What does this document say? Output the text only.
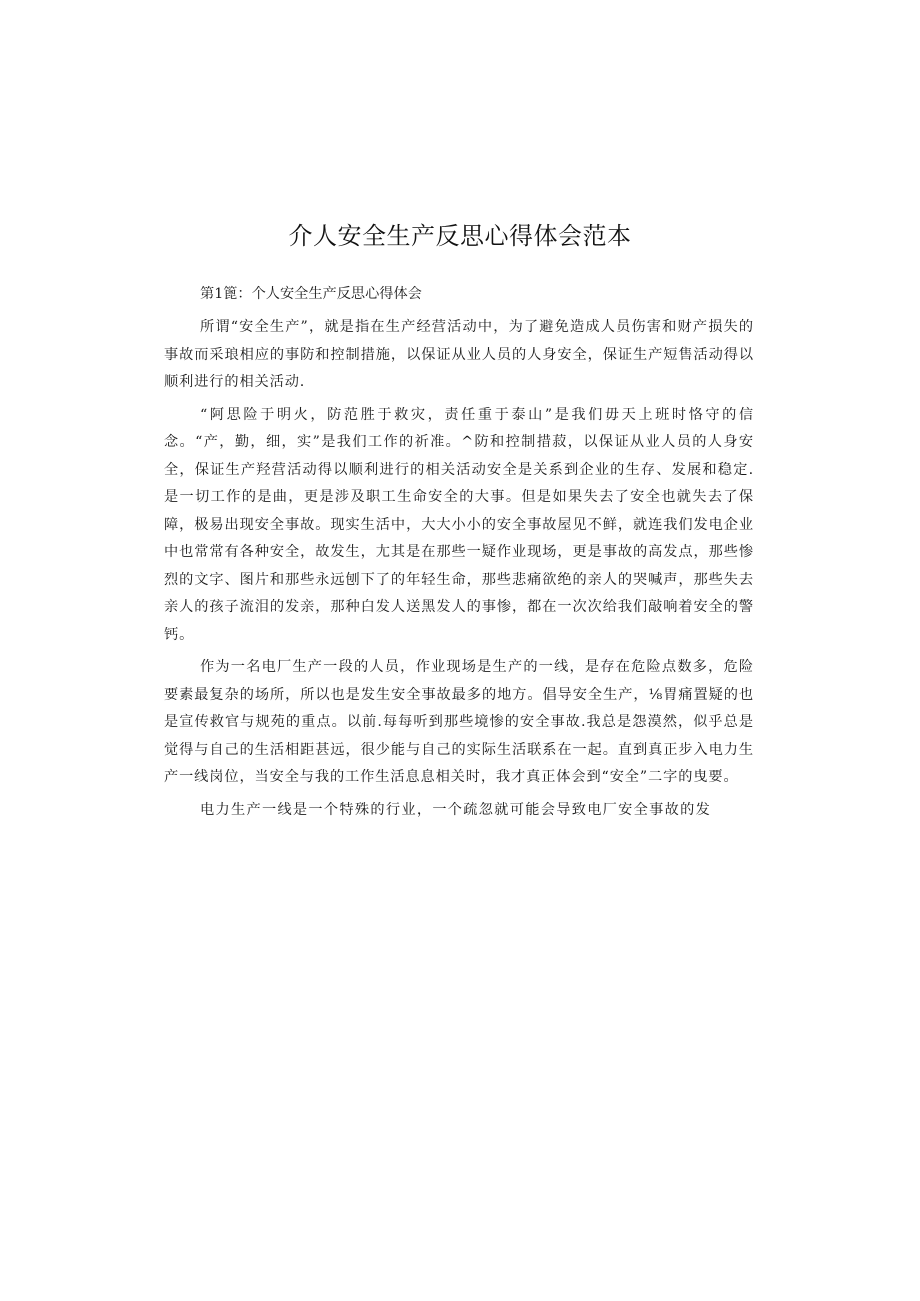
介人安全生产反思心得体会范本
第1篦：个人安全生产反思心得体会

所谓“安全生产”，就是指在生产经营活动中，为了避免造成人员伤害和财产损失的事故而采琅相应的事防和控制措施，以保证从业人员的人身安全，保证生产短售活动得以顺利进行的相关活动.

“阿思险于明火，防范胜于救灾，责任重于泰山”是我们毋天上班时恪守的信念。“产，勤，细，实”是我们工作的祈准。^防和控制措菽，以保证从业人员的人身安全，保证生产羟营活动得以顺利进行的相关活动安全是关系到企业的生存、发展和稳定.是一切工作的是曲，更是涉及职工生命安全的大事。但是如果失去了安全也就失去了保障，极易出现安全事故。现实生活中，大大小小的安全事故屋见不鲜，就连我们发电企业中也常常有各种安全，故发生，尢其是在那些一疑作业现场，更是事故的高发点，那些惨烈的文字、图片和那些永远刨下了的年轻生命，那些悲痛欲绝的亲人的哭喊声，那些失去亲人的孩子流泪的发亲，那种白发人送黑发人的事惨，都在一次次给我们敲响着安全的警钙。

作为一名电厂生产一段的人员，作业现场是生产的一线，是存在危险点数多，危险要素最复杂的场所，所以也是发生安全事故最多的地方。倡导安全生产，⅛胃痛置疑的也是宣传救官与规苑的重点。以前.每每听到那些境惨的安全事故.我总是怨漠然，似乎总是觉得与自己的生活相距甚远，很少能与自己的实际生活联系在一起。直到真正步入电力生产一线岗位，当安全与我的工作生活息息相关时，我才真正体会到“安全”二字的曳要。

电力生产一线是一个特殊的行业，一个疏忽就可能会导致电厂安全事故的发
